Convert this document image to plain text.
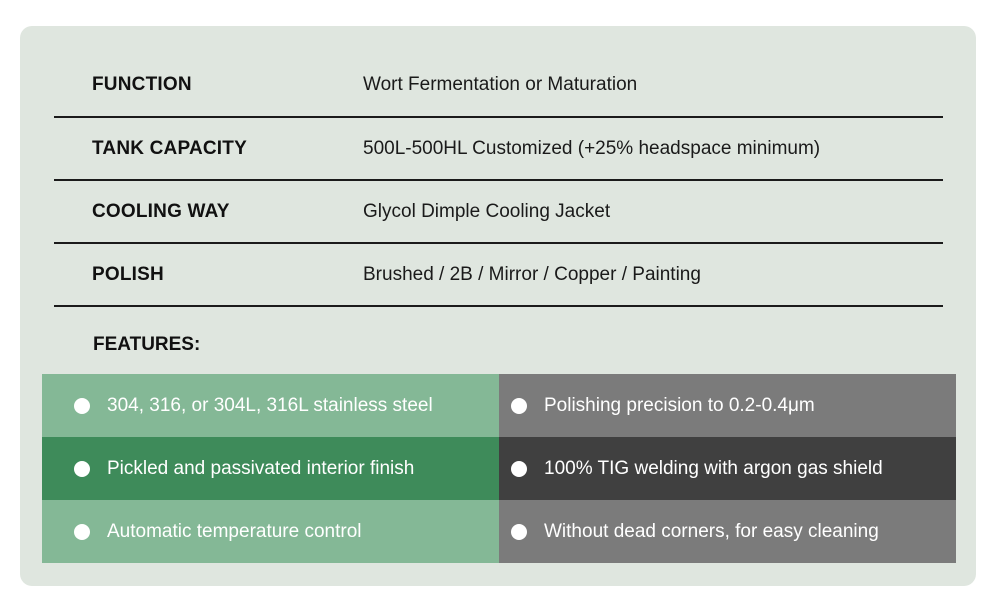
FUNCTION	Wort Fermentation or Maturation
TANK CAPACITY	500L-500HL Customized (+25% headspace minimum)
COOLING WAY	Glycol Dimple Cooling Jacket
POLISH	Brushed / 2B / Mirror / Copper / Painting
FEATURES:
304, 316, or 304L, 316L stainless steel	Polishing precision to 0.2-0.4μm
Pickled and passivated interior finish	100% TIG welding with argon gas shield
Automatic temperature control	Without dead corners, for easy cleaning
